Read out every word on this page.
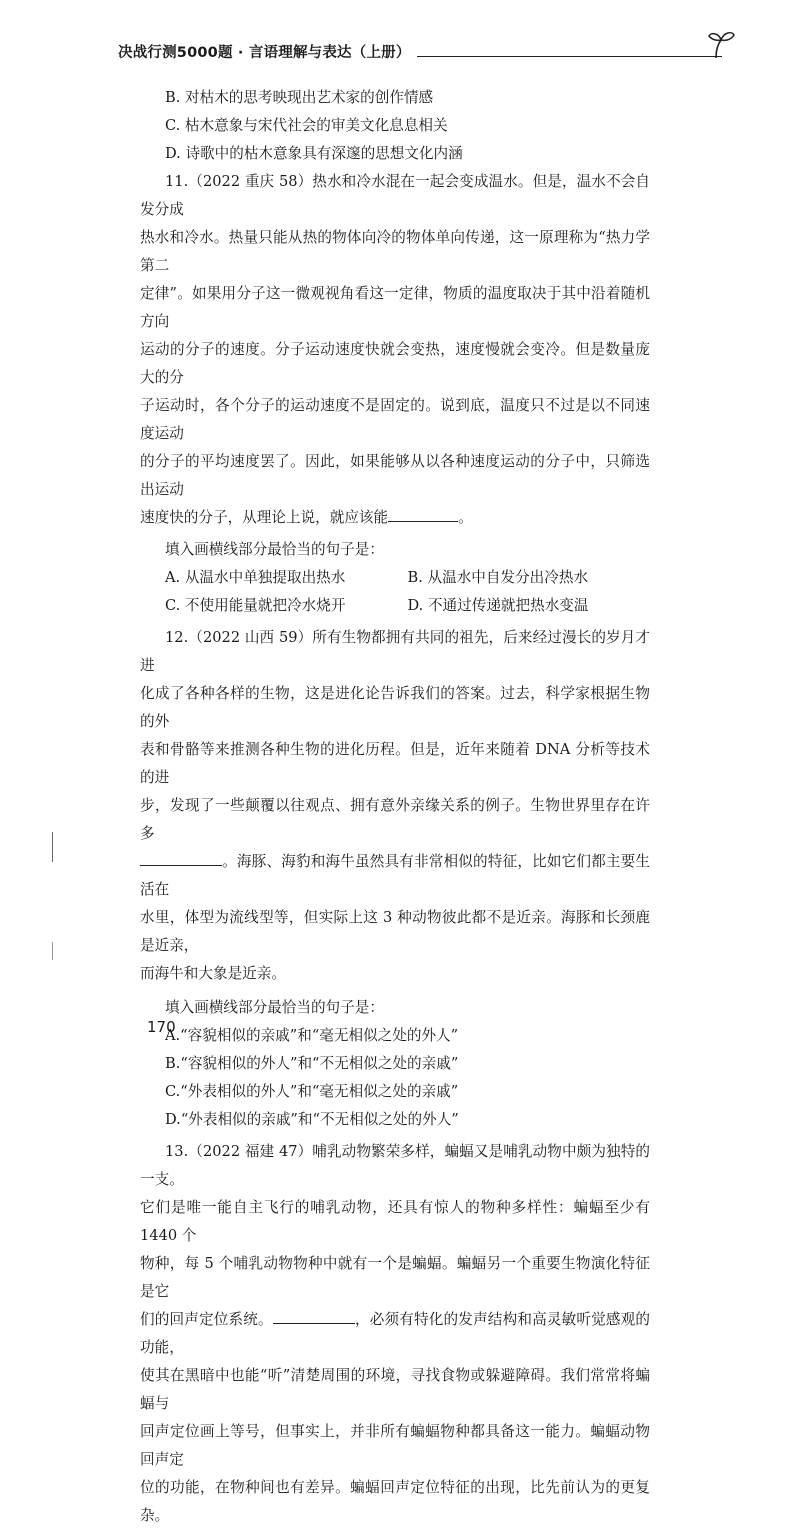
决战行测5000题 · 言语理解与表达（上册）

B. 对枯木的思考映现出艺术家的创作情感

C. 枯木意象与宋代社会的审美文化息息相关

D. 诗歌中的枯木意象具有深邃的思想文化内涵

11.（2022 重庆 58）热水和冷水混在一起会变成温水。但是，温水不会自发分成

热水和冷水。热量只能从热的物体向冷的物体单向传递，这一原理称为“热力学第二

定律”。如果用分子这一微观视角看这一定律，物质的温度取决于其中沿着随机方向

运动的分子的速度。分子运动速度快就会变热，速度慢就会变冷。但是数量庞大的分

子运动时，各个分子的运动速度不是固定的。说到底，温度只不过是以不同速度运动

的分子的平均速度罢了。因此，如果能够从以各种速度运动的分子中，只筛选出运动

速度快的分子，从理论上说，就应该能	。

填入画横线部分最恰当的句子是：

A. 从温水中单独提取出热水	B. 从温水中自发分出冷热水
C. 不使用能量就把冷水烧开	D. 不通过传递就把热水变温

12.（2022 山西 59）所有生物都拥有共同的祖先，后来经过漫长的岁月才进

化成了各种各样的生物，这是进化论告诉我们的答案。过去，科学家根据生物的外

表和骨骼等来推测各种生物的进化历程。但是，近年来随着 DNA 分析等技术的进

步，发现了一些颠覆以往观点、拥有意外亲缘关系的例子。生物世界里存在许多

。海豚、海豹和海牛虽然具有非常相似的特征，比如它们都主要生活在

水里，体型为流线型等，但实际上这 3 种动物彼此都不是近亲。海豚和长颈鹿是近亲，

而海牛和大象是近亲。

填入画横线部分最恰当的句子是：

A.“容貌相似的亲戚”和“毫无相似之处的外人”

B.“容貌相似的外人”和“不无相似之处的亲戚”

C.“外表相似的外人”和“毫无相似之处的亲戚”

D.“外表相似的亲戚”和“不无相似之处的外人”

13.（2022 福建 47）哺乳动物繁荣多样，蝙蝠又是哺乳动物中颇为独特的一支。

它们是唯一能自主飞行的哺乳动物，还具有惊人的物种多样性：蝙蝠至少有 1440 个

物种，每 5 个哺乳动物物种中就有一个是蝙蝠。蝙蝠另一个重要生物演化特征是它

们的回声定位系统。	，必须有特化的发声结构和高灵敏听觉感观的功能，

使其在黑暗中也能“听”清楚周围的环境，寻找食物或躲避障碍。我们常常将蝙蝠与

回声定位画上等号，但事实上，并非所有蝙蝠物种都具备这一能力。蝙蝠动物回声定

位的功能，在物种间也有差异。蝙蝠回声定位特征的出现，比先前认为的更复杂。

170
